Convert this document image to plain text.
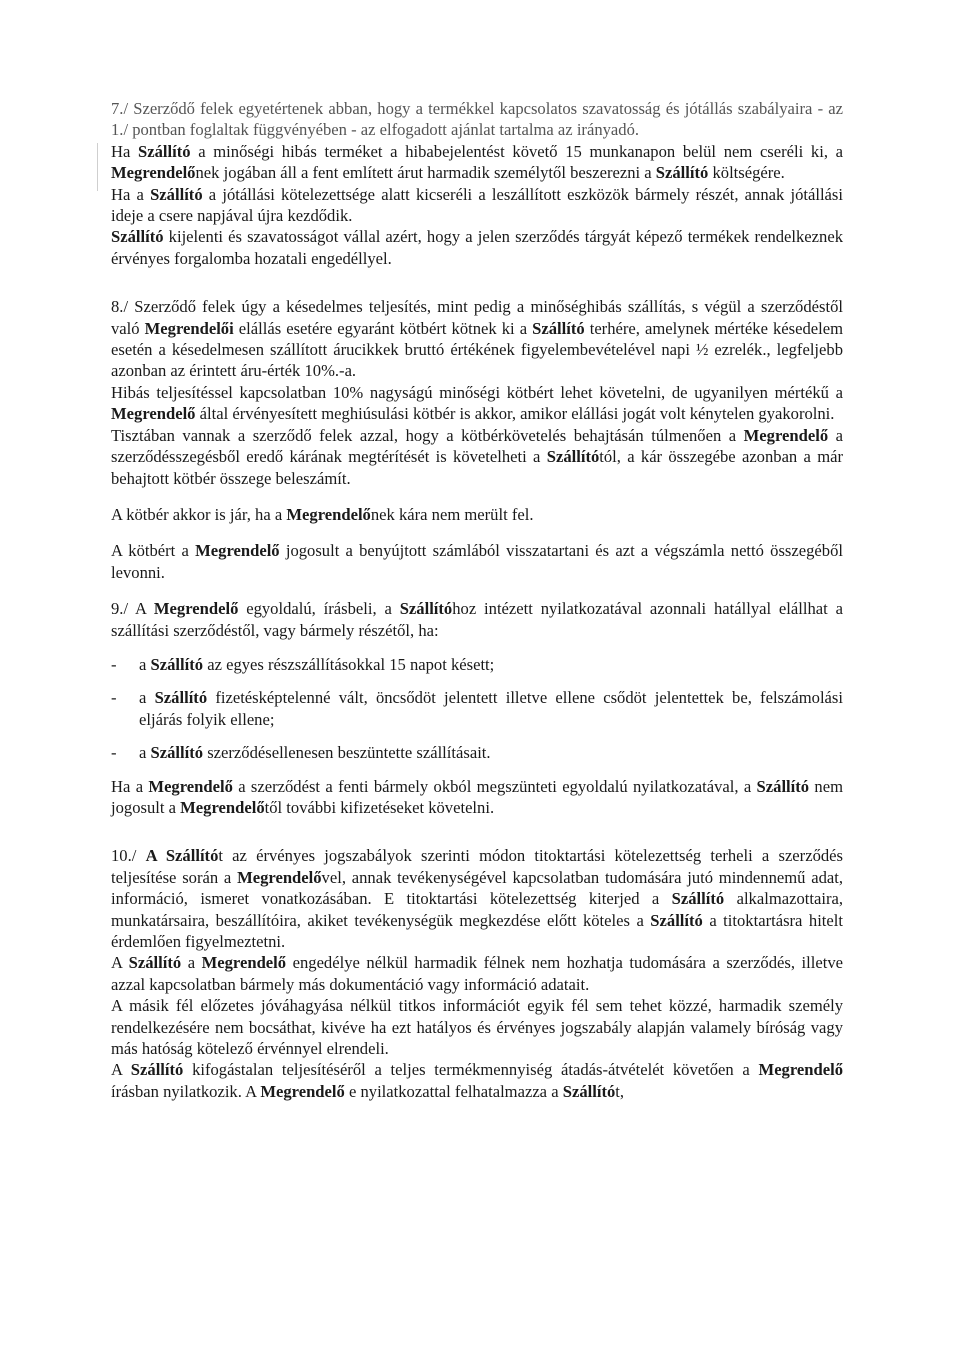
7./ Szerződő felek egyetértenek abban, hogy a termékkel kapcsolatos szavatosság és jótállás szabályaira - az 1./ pontban foglaltak függvényében - az elfogadott ajánlat tartalma az irányadó.

Ha Szállító a minőségi hibás terméket a hibabejelentést követő 15 munkanapon belül nem cseréli ki, a Megrendelőnek jogában áll a fent említett árut harmadik személytől beszerezni a Szállító költségére.

Ha a Szállító a jótállási kötelezettsége alatt kicseréli a leszállított eszközök bármely részét, annak jótállási ideje a csere napjával újra kezdődik.

Szállító kijelenti és szavatosságot vállal azért, hogy a jelen szerződés tárgyát képező termékek rendelkeznek érvényes forgalomba hozatali engedéllyel.

8./ Szerződő felek úgy a késedelmes teljesítés, mint pedig a minőséghibás szállítás, s végül a szerződéstől való Megrendelői elállás esetére egyaránt kötbért kötnek ki a Szállító terhére, amelynek mértéke késedelem esetén a késedelmesen szállított árucikkek bruttó értékének figyelembevételével napi ½ ezrelék., legfeljebb azonban az érintett áru-érték 10%.-a.

Hibás teljesítéssel kapcsolatban 10% nagyságú minőségi kötbért lehet követelni, de ugyanilyen mértékű a Megrendelő által érvényesített meghiúsulási kötbér is akkor, amikor elállási jogát volt kénytelen gyakorolni.

Tisztában vannak a szerződő felek azzal, hogy a kötbérkövetelés behajtásán túlmenően a Megrendelő a szerződésszegésből eredő kárának megtérítését is követelheti a Szállítótól, a kár összegébe azonban a már behajtott kötbér összege beleszámít.

A kötbér akkor is jár, ha a Megrendelőnek kára nem merült fel.

A kötbért a Megrendelő jogosult a benyújtott számlából visszatartani és azt a végszámla nettó összegéből levonni.

9./ A Megrendelő egyoldalú, írásbeli, a Szállítóhoz intézett nyilatkozatával azonnali hatállyal elállhat a szállítási szerződéstől, vagy bármely részétől, ha:

- a Szállító az egyes részszállításokkal 15 napot késett;
- a Szállító fizetésképtelenné vált, öncsődöt jelentett illetve ellene csődöt jelentettek be, felszámolási eljárás folyik ellene;
- a Szállító szerződésellenesen beszüntette szállításait.

Ha a Megrendelő a szerződést a fenti bármely okból megszünteti egyoldalú nyilatkozatával, a Szállító nem jogosult a Megrendelőtől további kifizetéseket követelni.

10./ A Szállítót az érvényes jogszabályok szerinti módon titoktartási kötelezettség terheli a szerződés teljesítése során a Megrendelővel, annak tevékenységével kapcsolatban tudomására jutó mindennemű adat, információ, ismeret vonatkozásában. E titoktartási kötelezettség kiterjed a Szállító alkalmazottaira, munkatársaira, beszállítóira, akiket tevékenységük megkezdése előtt köteles a Szállító a titoktartásra hitelt érdemlően figyelmeztetni.

A Szállító a Megrendelő engedélye nélkül harmadik félnek nem hozhatja tudomására a szerződés, illetve azzal kapcsolatban bármely más dokumentáció vagy információ adatait.

A másik fél előzetes jóváhagyása nélkül titkos információt egyik fél sem tehet közzé, harmadik személy rendelkezésére nem bocsáthat, kivéve ha ezt hatályos és érvényes jogszabály alapján valamely bíróság vagy más hatóság kötelező érvénnyel elrendeli.

A Szállító kifogástalan teljesítéséről a teljes termékmennyiség átadás-átvételét követően a Megrendelő írásban nyilatkozik. A Megrendelő e nyilatkozattal felhatalmazza a Szállítót,
